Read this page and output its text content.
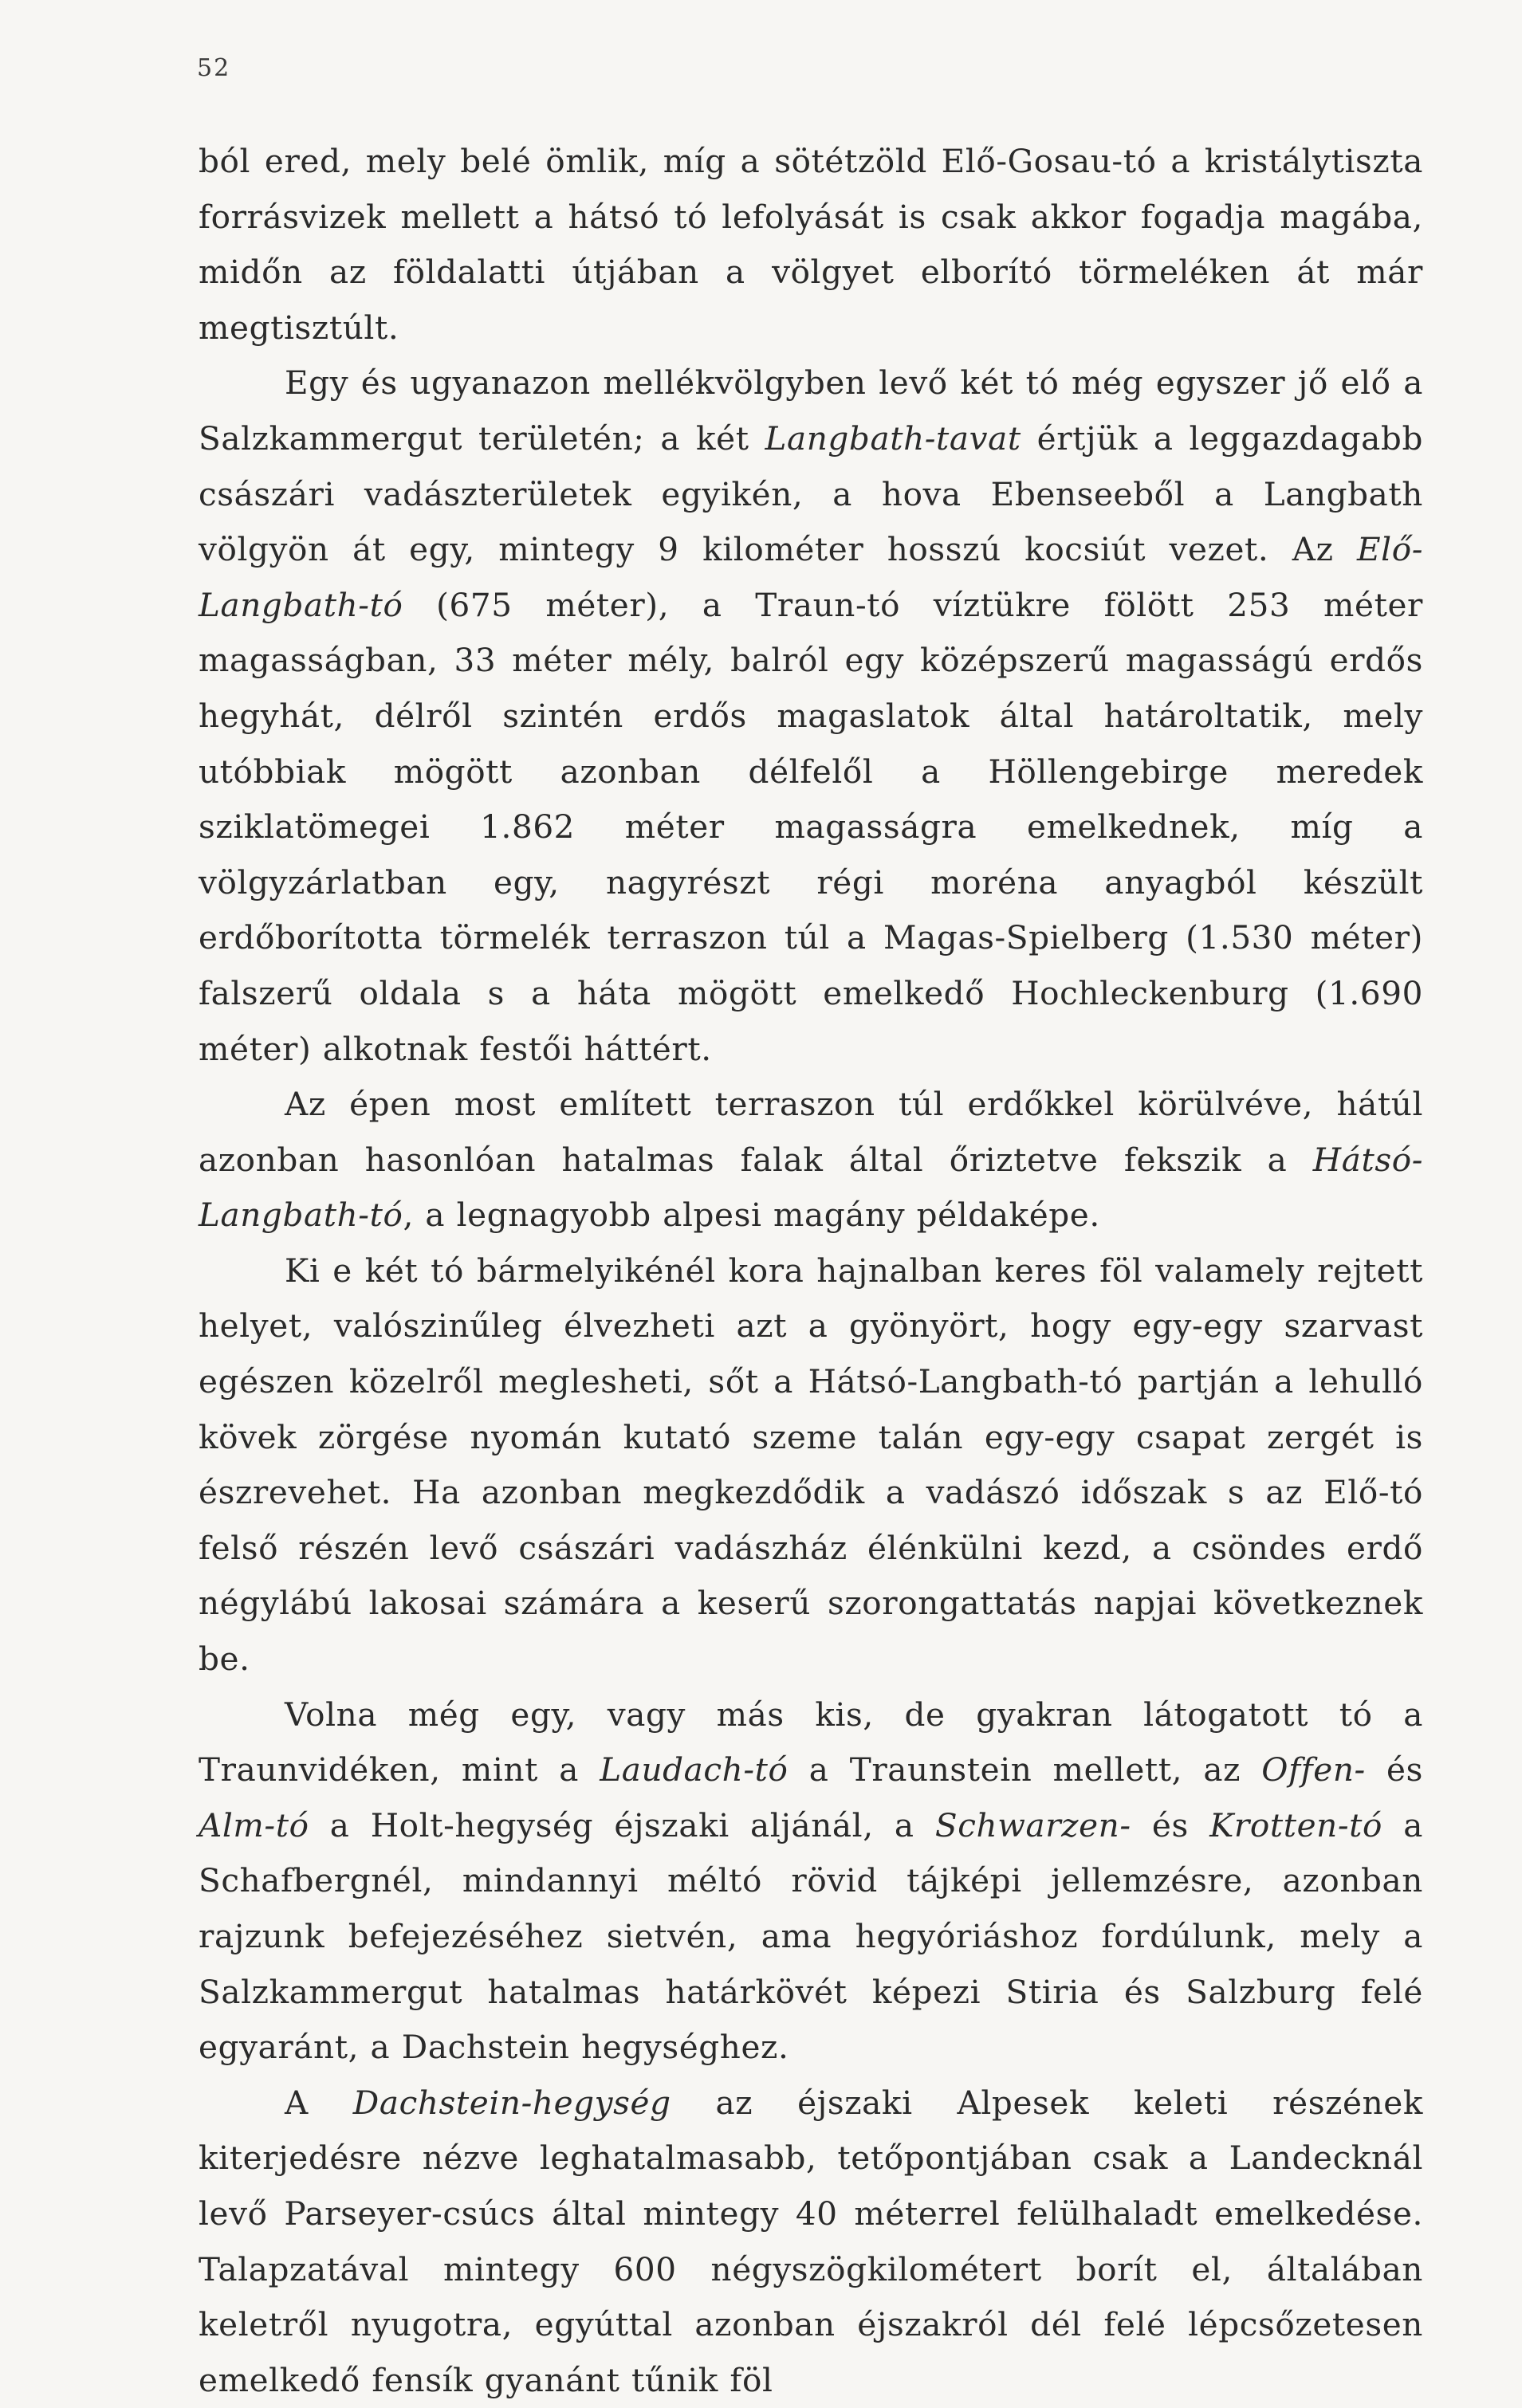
52

ból ered, mely belé ömlik, míg a sötétzöld Elő-Gosau-tó a kristálytiszta forrásvizek mellett a hátsó tó lefolyását is csak akkor fogadja magába, midőn az földalatti útjában a völgyet elborító törmeléken át már megtisztúlt.

Egy és ugyanazon mellékvölgyben levő két tó még egyszer jő elő a Salzkammergut területén; a két Langbath-tavat értjük a leggazdagabb császári vadászterületek egyikén, a hova Ebenseeből a Langbath völgyön át egy, mintegy 9 kilométer hosszú kocsiút vezet. Az Elő-Langbath-tó (675 méter), a Traun-tó víztükre fölött 253 méter magasságban, 33 méter mély, balról egy középszerű magasságú erdős hegyhát, délről szintén erdős magaslatok által határoltatik, mely utóbbiak mögött azonban délfelől a Höllengebirge meredek sziklatömegei 1.862 méter magasságra emelkednek, míg a völgyzárlatban egy, nagyrészt régi moréna anyagból készült erdőborította törmelék terraszon túl a Magas-Spielberg (1.530 méter) falszerű oldala s a háta mögött emelkedő Hochleckenburg (1.690 méter) alkotnak festői háttért.

Az épen most említett terraszon túl erdőkkel körülvéve, hátúl azonban hasonlóan hatalmas falak által őriztetve fekszik a Hátsó-Langbath-tó, a legnagyobb alpesi magány példaképe.

Ki e két tó bármelyikénél kora hajnalban keres föl valamely rejtett helyet, valószinűleg élvezheti azt a gyönyört, hogy egy-egy szarvast egészen közelről meglesheti, sőt a Hátsó-Langbath-tó partján a lehulló kövek zörgése nyomán kutató szeme talán egy-egy csapat zergét is észrevehet. Ha azonban megkezdődik a vadászó időszak s az Elő-tó felső részén levő császári vadászház élénkülni kezd, a csöndes erdő négylábú lakosai számára a keserű szorongattatás napjai következnek be.

Volna még egy, vagy más kis, de gyakran látogatott tó a Traunvidéken, mint a Laudach-tó a Traunstein mellett, az Offen- és Alm-tó a Holt-hegység éjszaki aljánál, a Schwarzen- és Krotten-tó a Schafbergnél, mindannyi méltó rövid tájképi jellemzésre, azonban rajzunk befejezéséhez sietvén, ama hegyóriáshoz fordúlunk, mely a Salzkammergut hatalmas határkövét képezi Stiria és Salzburg felé egyaránt, a Dachstein hegységhez.

A Dachstein-hegység az éjszaki Alpesek keleti részének kiterjedésre nézve leghatalmasabb, tetőpontjában csak a Landecknál levő Parseyer-csúcs által mintegy 40 méterrel felülhaladt emelkedése. Talapzatával mintegy 600 négyszögkilométert borít el, általában keletről nyugotra, egyúttal azonban éjszakról dél felé lépcsőzetesen emelkedő fensík gyanánt tűnik föl
